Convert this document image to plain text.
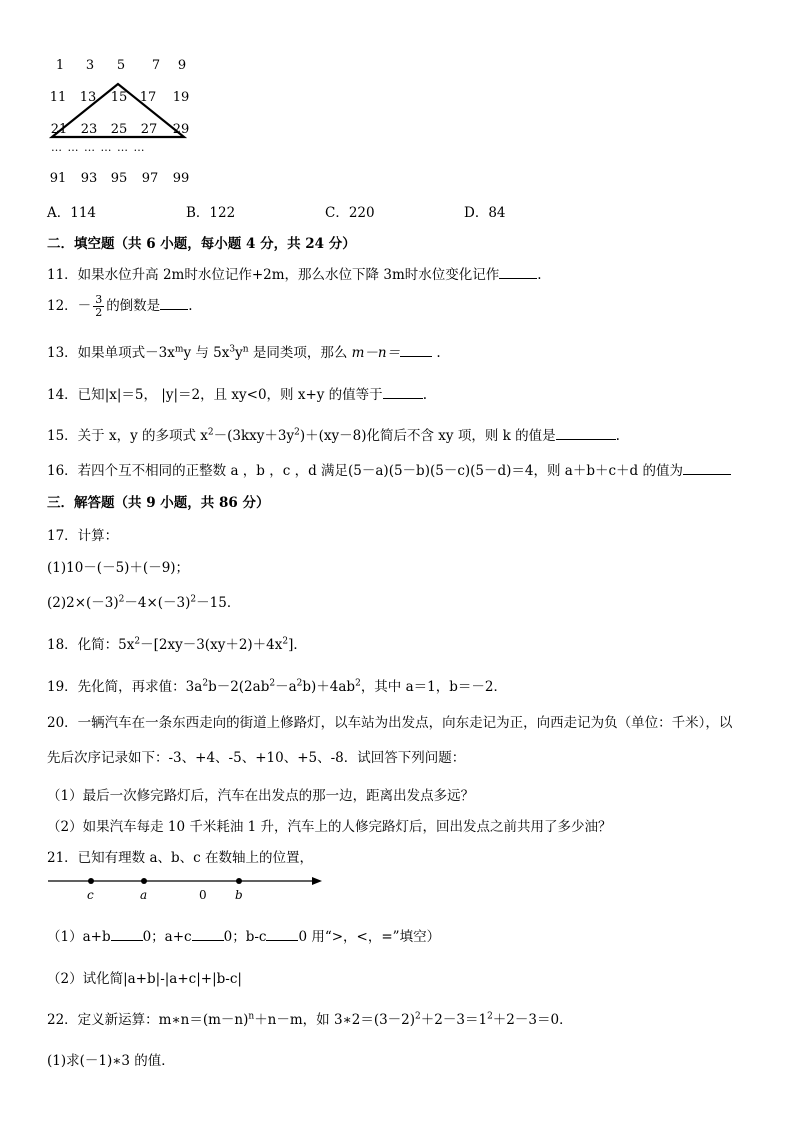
1	3	5	7	9
11	13	15 17	19
21	23	25	27	29
… … … … … …
91	93	95	97	99
A．114	B．122	C．220	D．84
二．填空题（共 6 小题，每小题 4 分，共 24 分）
11．如果水位升高 2m时水位记作+2m，那么水位下降 3m时水位变化记作	.
12．－ $\frac{3}{2}$ 的倒数是 .
13．如果单项式$-3x^my$ 与 $5x^3y^n$ 是同类项，那么 m－n＝	.
14．已知|x|＝5， |y|＝2，且 xy<0，则 x+y 的值等于	.
15．关于 x，y 的多项式 $x^2-(3kxy+3y^2)+(xy-8)$化简后不含 xy 项，则 k 的值是	.
16．若四个互不相同的正整数 a ，b ，c ，d 满足(5－a)(5－b)(5－c)(5－d)＝4，则 a＋b＋c＋d 的值为
三．解答题（共 9 小题，共 86 分）
17．计算：
(1)10－(－5)＋(－9)；
$(2)2\times(-3)^2-4\times(-3)^2-15$．
18．化简：$5x^2-[2xy-3(xy+2)+4x^2]$．
19．先化简，再求值：$3a^2b-2(2ab^2-a^2b)+4ab^2$，其中 a＝1，b＝－2．
20．一辆汽车在一条东西走向的街道上修路灯，以车站为出发点，向东走记为正，向西走记为负（单位：千米），以
先后次序记录如下：-3、+4、-5、+10、+5、-8．试回答下列问题：
（1）最后一次修完路灯后，汽车在出发点的那一边，距离出发点多远？
（2）如果汽车每走 10 千米耗油 1 升，汽车上的人修完路灯后，回出发点之前共用了多少油？
21．已知有理数 a、b、c 在数轴上的位置，
c	a	0 b
（1）a+b 0；a+c 0；b-c 0 用“>，<，=”填空）
（2）试化简|a+b|-|a+c|+|b-c|
22．定义新运算：$m∗n=(m-n)^n+n-m$，如 $3∗2=(3-2)^2+2-3=1^2+2-3=0$．
(1)求(－1)∗3 的值．
